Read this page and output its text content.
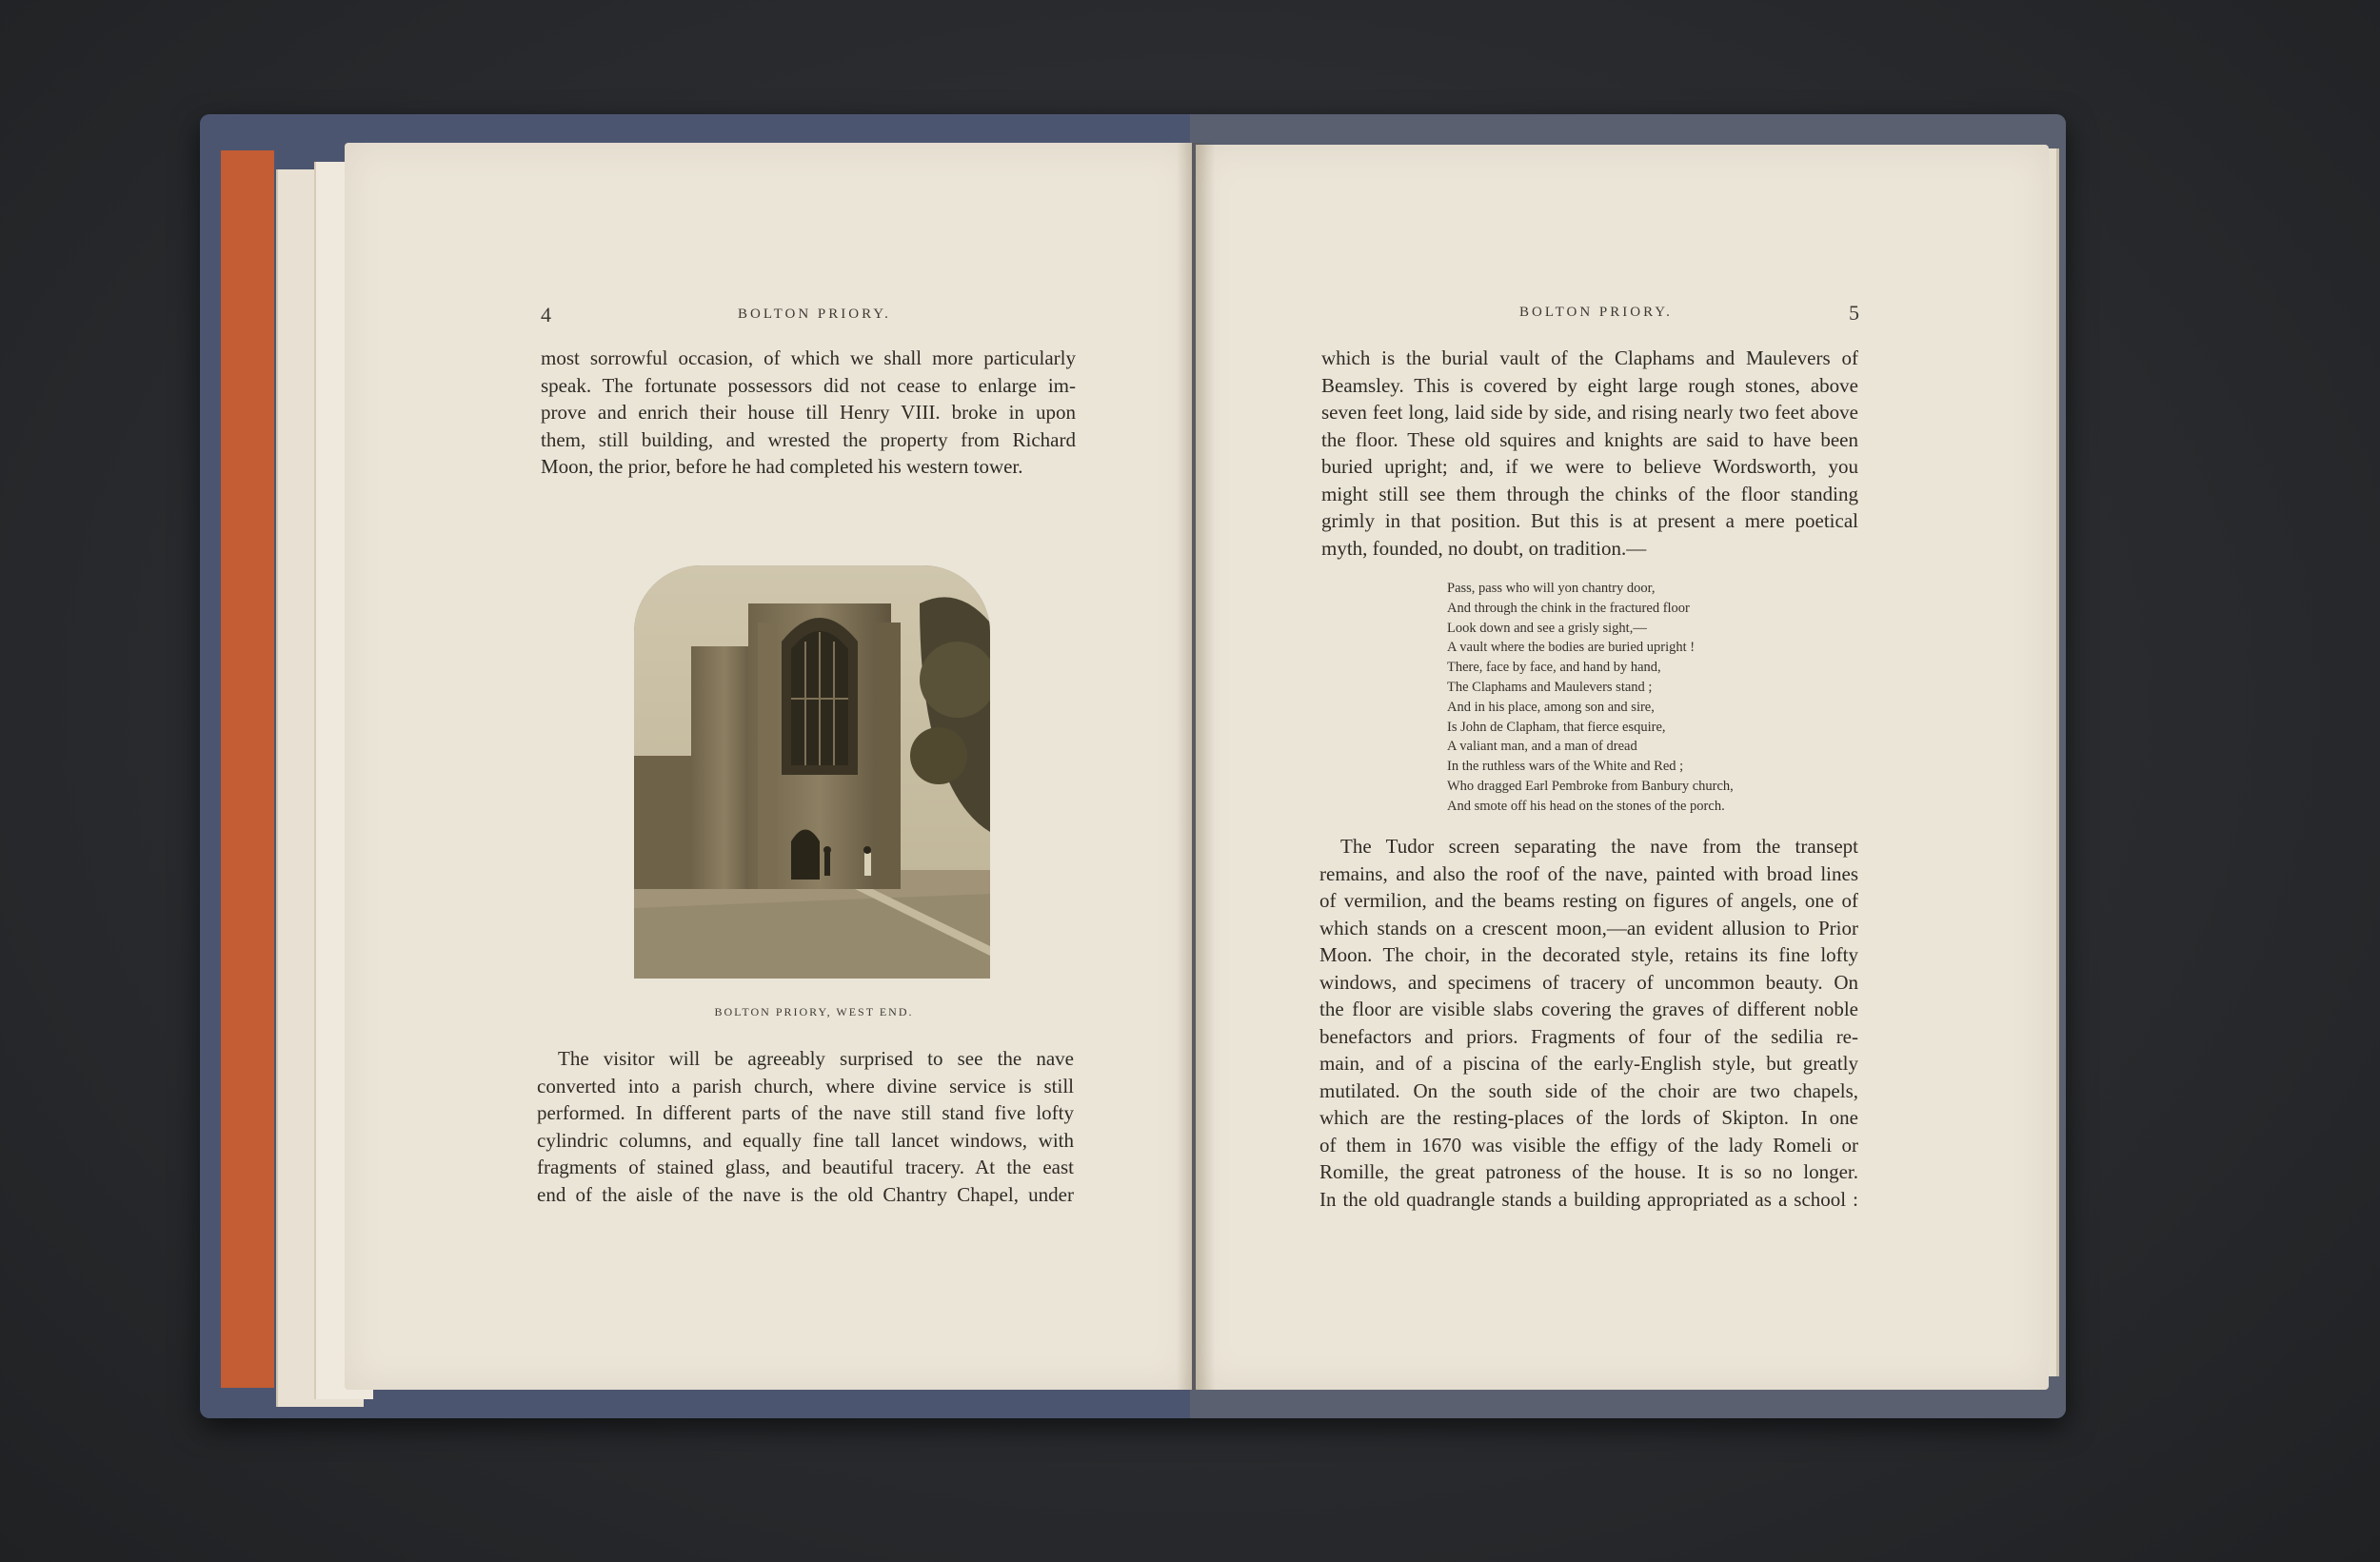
4	BOLTON PRIORY.
most sorrowful occasion, of which we shall more particularly
speak. The fortunate possessors did not cease to enlarge im-
prove and enrich their house till Henry VIII. broke in upon
them, still building, and wrested the property from Richard
Moon, the prior, before he had completed his western tower.
BOLTON PRIORY, WEST END.
The visitor will be agreeably surprised to see the nave
converted into a parish church, where divine service is still
performed. In different parts of the nave still stand five lofty
cylindric columns, and equally fine tall lancet windows, with
fragments of stained glass, and beautiful tracery. At the east
end of the aisle of the nave is the old Chantry Chapel, under
BOLTON PRIORY.	5
which is the burial vault of the Claphams and Maulevers of
Beamsley. This is covered by eight large rough stones, above
seven feet long, laid side by side, and rising nearly two feet above
the floor. These old squires and knights are said to have been
buried upright; and, if we were to believe Wordsworth, you
might still see them through the chinks of the floor standing
grimly in that position. But this is at present a mere poetical
myth, founded, no doubt, on tradition.—
Pass, pass who will yon chantry door,
And through the chink in the fractured floor
Look down and see a grisly sight,—
A vault where the bodies are buried upright !
There, face by face, and hand by hand,
The Claphams and Maulevers stand ;
And in his place, among son and sire,
Is John de Clapham, that fierce esquire,
A valiant man, and a man of dread
In the ruthless wars of the White and Red ;
Who dragged Earl Pembroke from Banbury church,
And smote off his head on the stones of the porch.
The Tudor screen separating the nave from the transept
remains, and also the roof of the nave, painted with broad lines
of vermilion, and the beams resting on figures of angels, one of
which stands on a crescent moon,—an evident allusion to Prior
Moon. The choir, in the decorated style, retains its fine lofty
windows, and specimens of tracery of uncommon beauty. On
the floor are visible slabs covering the graves of different noble
benefactors and priors. Fragments of four of the sedilia re-
main, and of a piscina of the early-English style, but greatly
mutilated. On the south side of the choir are two chapels,
which are the resting-places of the lords of Skipton. In one
of them in 1670 was visible the effigy of the lady Romeli or
Romille, the great patroness of the house. It is so no longer.
In the old quadrangle stands a building appropriated as a school :
